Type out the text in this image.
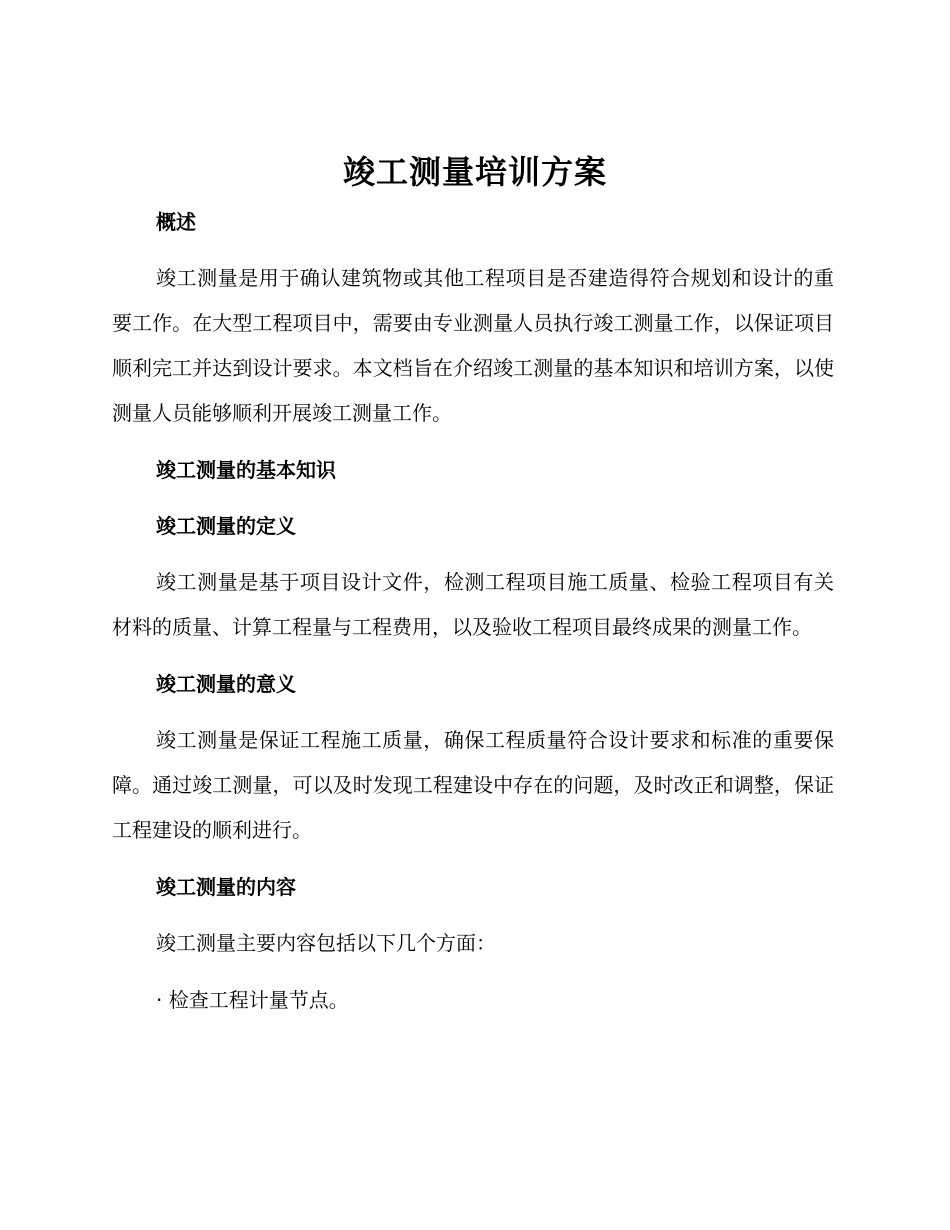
竣工测量培训方案
概述

竣工测量是用于确认建筑物或其他工程项目是否建造得符合规划和设计的重要工作。在大型工程项目中，需要由专业测量人员执行竣工测量工作，以保证项目顺利完工并达到设计要求。本文档旨在介绍竣工测量的基本知识和培训方案，以使测量人员能够顺利开展竣工测量工作。

竣工测量的基本知识
竣工测量的定义

竣工测量是基于项目设计文件，检测工程项目施工质量、检验工程项目有关材料的质量、计算工程量与工程费用，以及验收工程项目最终成果的测量工作。

竣工测量的意义

竣工测量是保证工程施工质量，确保工程质量符合设计要求和标准的重要保障。通过竣工测量，可以及时发现工程建设中存在的问题，及时改正和调整，保证工程建设的顺利进行。

竣工测量的内容

竣工测量主要内容包括以下几个方面：

· 检查工程计量节点。
